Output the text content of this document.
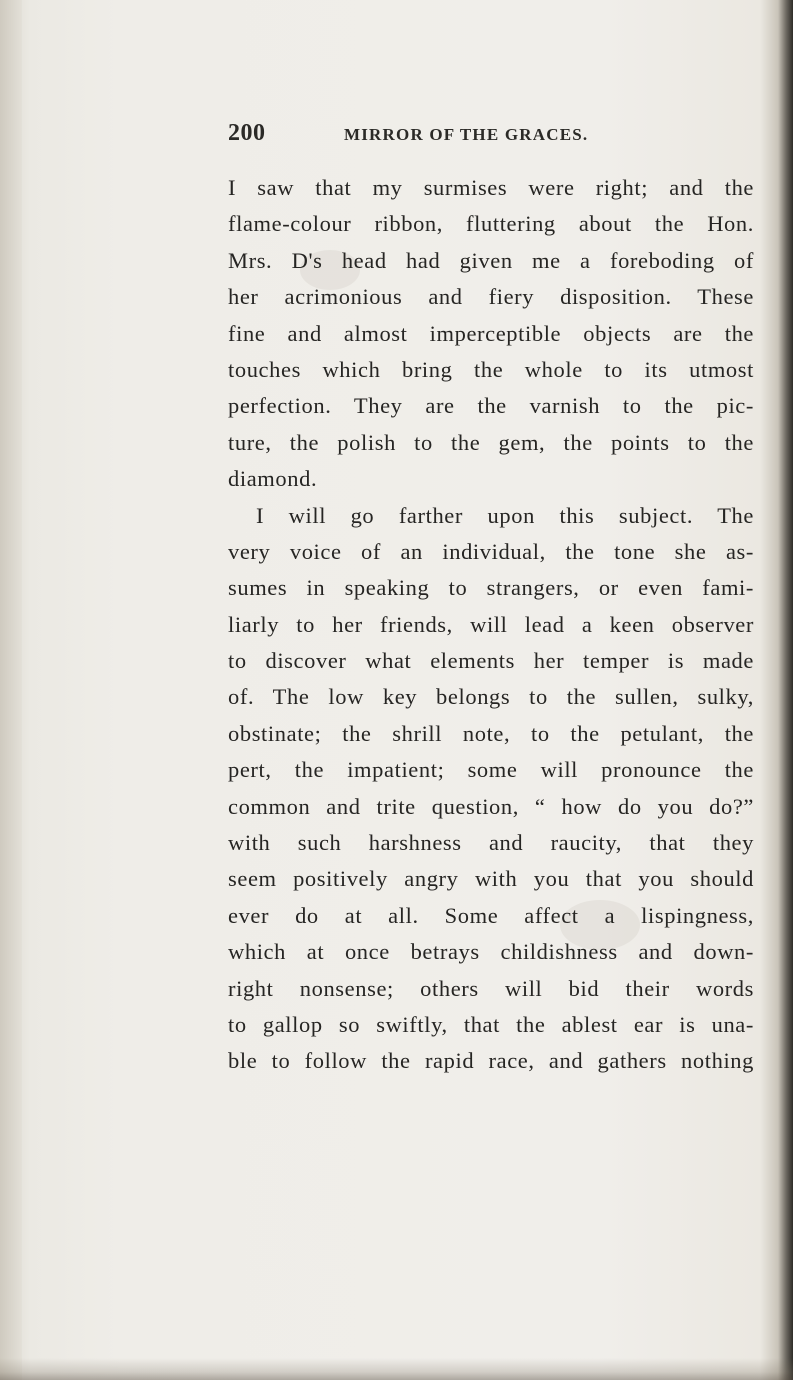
200	MIRROR OF THE GRACES.
I saw that my surmises were right; and the
flame-colour ribbon, fluttering about the Hon.
Mrs. D's head had given me a foreboding of
her acrimonious and fiery disposition. These
fine and almost imperceptible objects are the
touches which bring the whole to its utmost
perfection. They are the varnish to the pic-
ture, the polish to the gem, the points to the
diamond.
I will go farther upon this subject. The
very voice of an individual, the tone she as-
sumes in speaking to strangers, or even fami-
liarly to her friends, will lead a keen observer
to discover what elements her temper is made
of. The low key belongs to the sullen, sulky,
obstinate; the shrill note, to the petulant, the
pert, the impatient; some will pronounce the
common and trite question, “ how do you do?”
with such harshness and raucity, that they
seem positively angry with you that you should
ever do at all. Some affect a lispingness,
which at once betrays childishness and down-
right nonsense; others will bid their words
to gallop so swiftly, that the ablest ear is una-
ble to follow the rapid race, and gathers nothing
